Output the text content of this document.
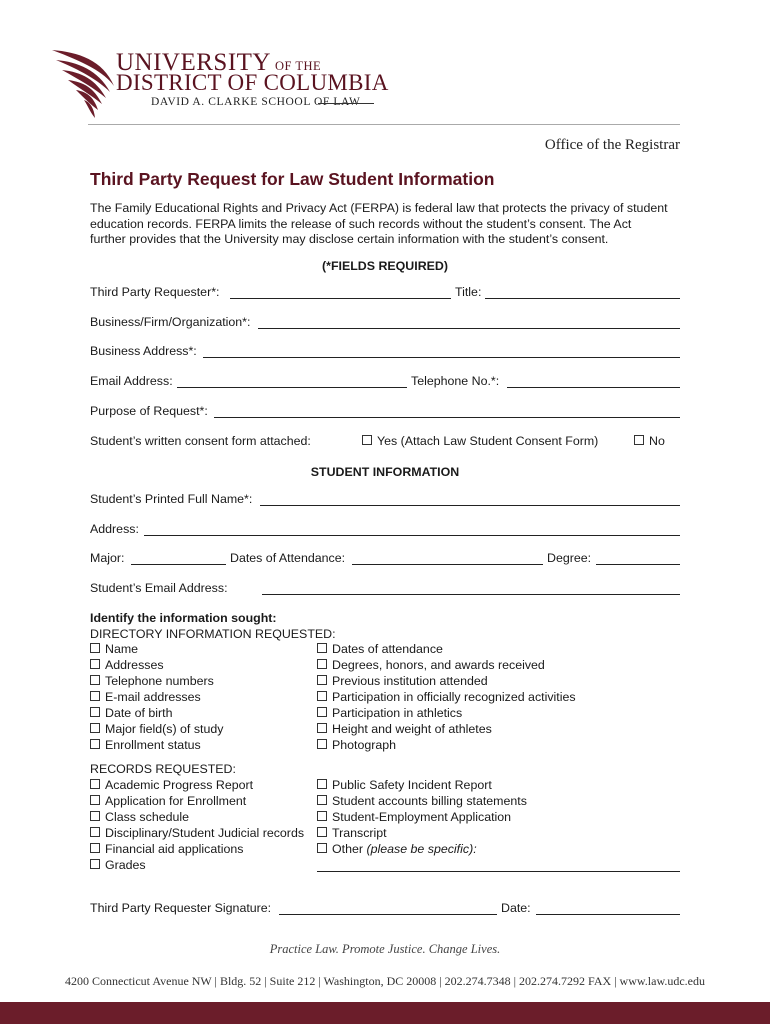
UNIVERSITY OF THE
DISTRICT OF COLUMBIA
DAVID A. CLARKE SCHOOL OF LAW
Office of the Registrar
Third Party Request for Law Student Information
The Family Educational Rights and Privacy Act (FERPA) is federal law that protects the privacy of student
education records. FERPA limits the release of such records without the student’s consent. The Act
further provides that the University may disclose certain information with the student’s consent.
(*FIELDS REQUIRED)
Third Party Requester*:	Title:
Business/Firm/Organization*:
Business Address*:
Email Address:	Telephone No.*:
Purpose of Request*:
Student’s written consent form attached:	Yes (Attach Law Student Consent Form)	No
STUDENT INFORMATION
Student’s Printed Full Name*:
Address:
Major:	Dates of Attendance:	Degree:
Student’s Email Address:
Identify the information sought:
DIRECTORY INFORMATION REQUESTED:
Name
Addresses
Telephone numbers
E-mail addresses
Date of birth
Major field(s) of study
Enrollment status
Dates of attendance
Degrees, honors, and awards received
Previous institution attended
Participation in officially recognized activities
Participation in athletics
Height and weight of athletes
Photograph
RECORDS REQUESTED:
Academic Progress Report
Application for Enrollment
Class schedule
Disciplinary/Student Judicial records
Financial aid applications
Grades
Public Safety Incident Report
Student accounts billing statements
Student-Employment Application
Transcript
Other (please be specific):
Third Party Requester Signature:	Date:
Practice Law. Promote Justice. Change Lives.
4200 Connecticut Avenue NW | Bldg. 52 | Suite 212 | Washington, DC 20008 | 202.274.7348 | 202.274.7292 FAX | www.law.udc.edu
